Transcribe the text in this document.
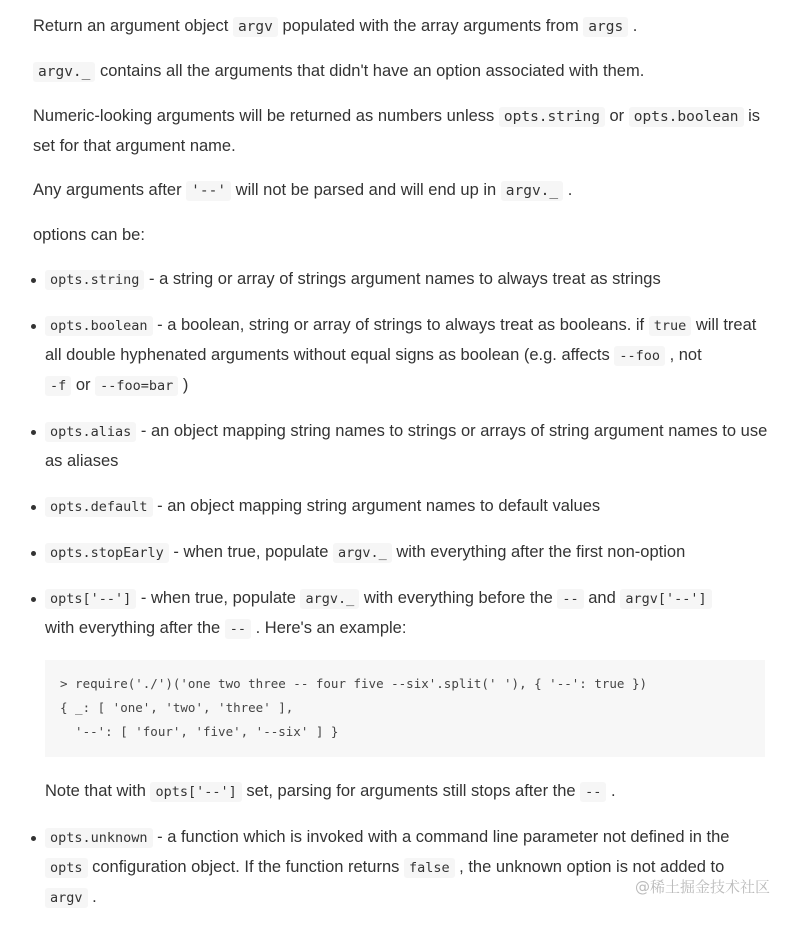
Return an argument object argv populated with the array arguments from args .

argv._ contains all the arguments that didn't have an option associated with them.

Numeric-looking arguments will be returned as numbers unless opts.string or opts.boolean is set for that argument name.

Any arguments after '--' will not be parsed and will end up in argv._ .

options can be:

opts.string - a string or array of strings argument names to always treat as strings
opts.boolean - a boolean, string or array of strings to always treat as booleans. if true will treat all double hyphenated arguments without equal signs as boolean (e.g. affects --foo , not
-f or --foo=bar )
opts.alias - an object mapping string names to strings or arrays of string argument names to use as aliases
opts.default - an object mapping string argument names to default values
opts.stopEarly - when true, populate argv._ with everything after the first non-option
opts['--'] - when true, populate argv._ with everything before the -- and argv['--']
with everything after the -- . Here's an example:
> require('./')('one two three -- four five --six'.split(' '), { '--': true })
{ _: [ 'one', 'two', 'three' ],
'--': [ 'four', 'five', '--six' ] }
Note that with opts['--'] set, parsing for arguments still stops after the -- .
opts.unknown - a function which is invoked with a command line parameter not defined in the
opts configuration object. If the function returns false , the unknown option is not added to
argv .
@稀土掘金技术社区
